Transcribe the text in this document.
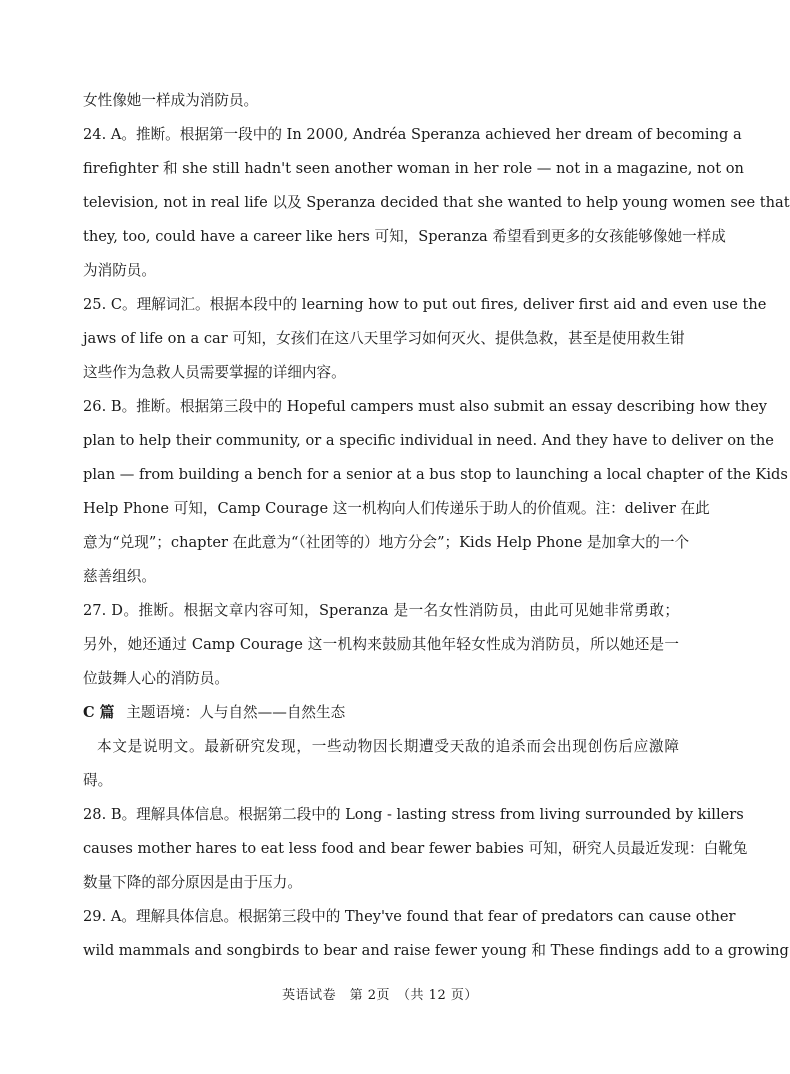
女性像她一样成为消防员。
24. A。推断。根据第一段中的 In 2000, Andréa Speranza achieved her dream of becoming a
firefighter 和 she still hadn't seen another woman in her role — not in a magazine, not on
television, not in real life 以及 Speranza decided that she wanted to help young women see that
they, too, could have a career like hers 可知，Speranza 希望看到更多的女孩能够像她一样成
为消防员。
25. C。理解词汇。根据本段中的 learning how to put out fires, deliver first aid and even use the
jaws of life on a car 可知，女孩们在这八天里学习如何灭火、提供急救，甚至是使用救生钳
这些作为急救人员需要掌握的详细内容。
26. B。推断。根据第三段中的 Hopeful campers must also submit an essay describing how they
plan to help their community, or a specific individual in need. And they have to deliver on the
plan — from building a bench for a senior at a bus stop to launching a local chapter of the Kids
Help Phone 可知，Camp Courage 这一机构向人们传递乐于助人的价值观。注：deliver 在此
意为“兑现”；chapter 在此意为“（社团等的）地方分会”；Kids Help Phone 是加拿大的一个
慈善组织。
27. D。推断。根据文章内容可知，Speranza 是一名女性消防员，由此可见她非常勇敢；
另外，她还通过 Camp Courage 这一机构来鼓励其他年轻女性成为消防员，所以她还是一
位鼓舞人心的消防员。
C 篇 主题语境：人与自然——自然生态
本文是说明文。最新研究发现，一些动物因长期遭受天敌的追杀而会出现创伤后应激障
碍。
28. B。理解具体信息。根据第二段中的 Long - lasting stress from living surrounded by killers
causes mother hares to eat less food and bear fewer babies 可知，研究人员最近发现：白靴兔
数量下降的部分原因是由于压力。
29. A。理解具体信息。根据第三段中的 They've found that fear of predators can cause other
wild mammals and songbirds to bear and raise fewer young 和 These findings add to a growing
英语试卷　第 2页　（共 12 页）
